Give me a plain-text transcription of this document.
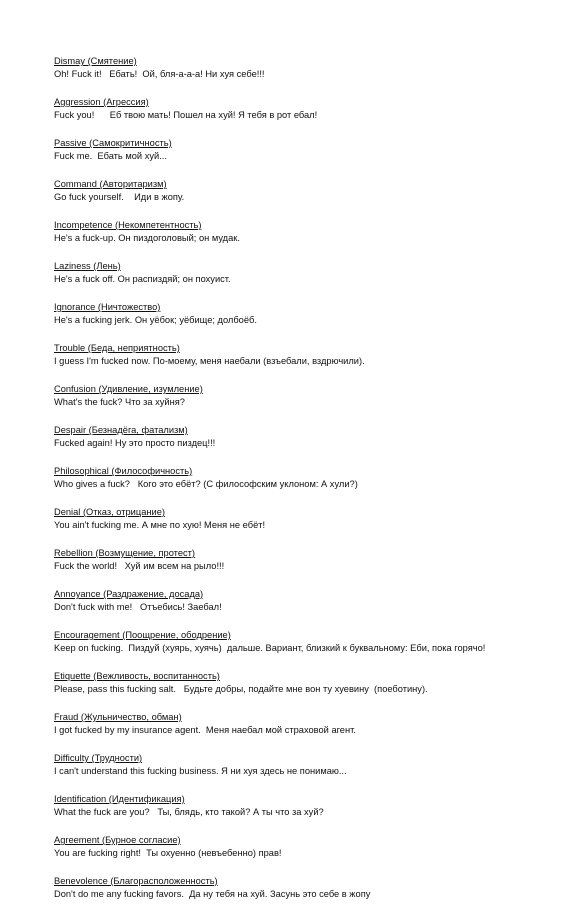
Dismay (Смятение)
Oh! Fuck it!   Ебать!  Ой, бля-а-а-а! Ни хуя себе!!!
Aggression (Агрессия)
Fuck you!      Еб твою мать! Пошел на хуй! Я тебя в рот ебал!
Passive (Самокритичность)
Fuck me.  Ебать мой хуй...
Command (Авторитаризм)
Go fuck yourself.    Иди в жопу.
Incompetence (Некомпетентность)
He's a fuck-up. Он пиздоголовый; он мудак.
Laziness (Лень)
He's a fuck off. Он распиздяй; он похуист.
Ignorance (Ничтожество)
He's a fucking jerk. Он уёбок; уёбище; долбоёб.
Trouble (Беда, неприятность)
I guess I'm fucked now. По-моему, меня наебали (взъебали, вздрючили).
Confusion (Удивление, изумление)
What's the fuck? Что за хуйня?
Despair (Безнадёга, фатализм)
Fucked again! Ну это просто пиздец!!!
Philosophical (Философичность)
Who gives a fuck?   Кого это ебёт? (С философским уклоном: А хули?)
Denial (Отказ, отрицание)
You ain't fucking me. А мне по хую! Меня не ебёт!
Rebellion (Возмущение, протест)
Fuck the world!   Хуй им всем на рыло!!!
Annoyance (Раздражение, досада)
Don't fuck with me!   Отъебись! Заебал!
Encouragement (Поощрение, ободрение)
Keep on fucking.  Пиздуй (хуярь, хуячь)  дальше. Вариант, близкий к буквальному: Еби, пока горячо!
Etiquette (Вежливость, воспитанность)
Please, pass this fucking salt.   Будьте добры, подайте мне вон ту хуевину  (поеботину).
Fraud (Жульничество, обман)
I got fucked by my insurance agent.  Меня наебал мой страховой агент.
Difficulty (Трудности)
I can't understand this fucking business. Я ни хуя здесь не понимаю...
Identification (Идентификация)
What the fuck are you?   Ты, блядь, кто такой? А ты что за хуй?
Agreement (Бурное согласие)
You are fucking right!  Ты охуенно (невъебенно) прав!
Benevolence (Благорасположенность)
Don't do me any fucking favors.  Да ну тебя на хуй. Засунь это себе в жопу
